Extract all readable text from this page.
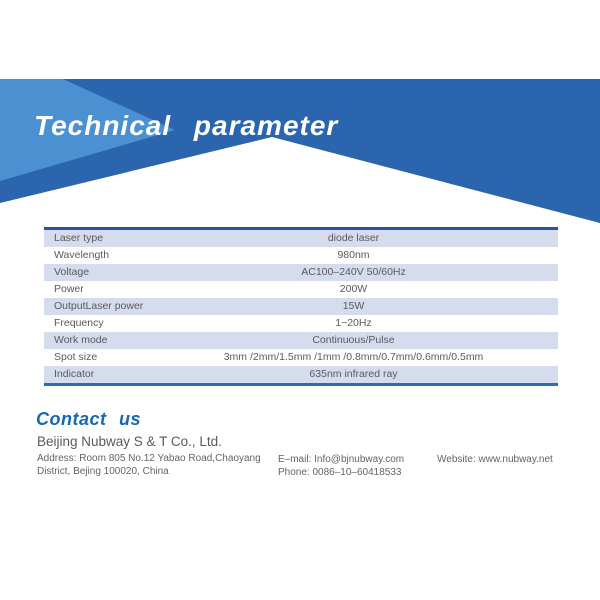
Technical parameter
Laser type	diode laser
Wavelength	980nm
Voltage	AC100–240V 50/60Hz
Power	200W
OutputLaser power	15W
Frequency	1~20Hz
Work mode	Continuous/Pulse
Spot size	3mm /2mm/1.5mm /1mm /0.8mm/0.7mm/0.6mm/0.5mm
Indicator	635nm infrared ray
Contact us
Beijing Nubway S & T Co., Ltd.
Address: Room 805 No.12 Yabao Road,Chaoyang
District, Bejing 100020, China
E–mail: Info@bjnubway.com
Phone: 0086–10–60418533
Website: www.nubway.net
